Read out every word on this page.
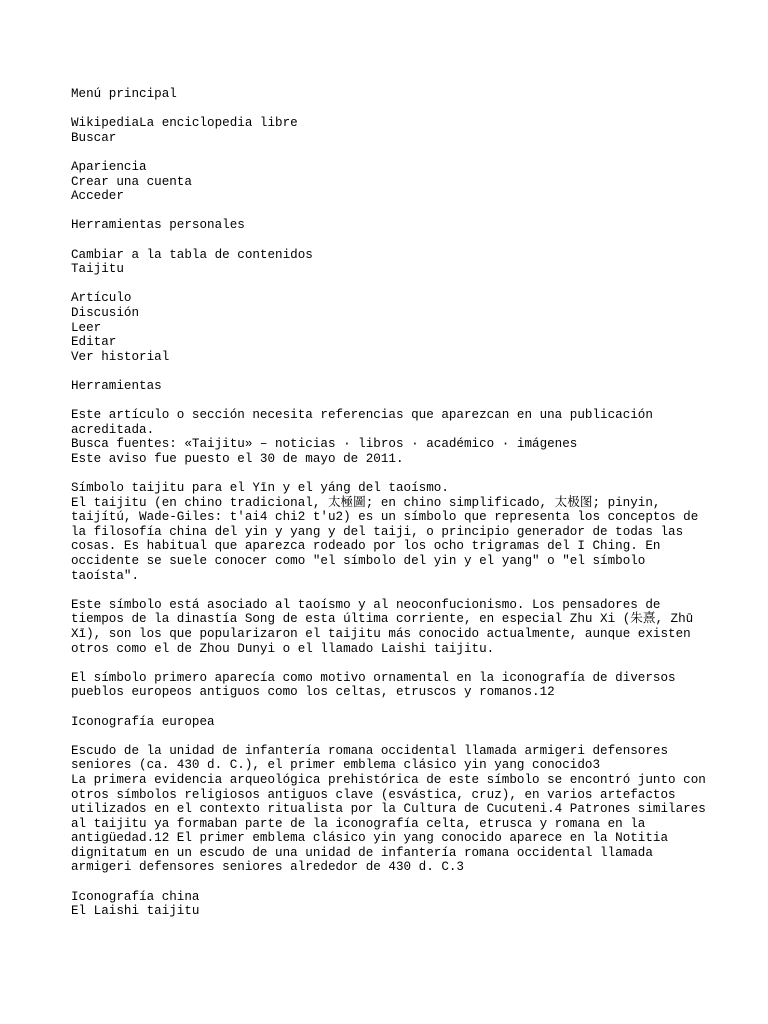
Menú principal
WikipediaLa enciclopedia libre
Buscar
Apariencia
Crear una cuenta
Acceder
Herramientas personales
Cambiar a la tabla de contenidos
Taijitu
Artículo
Discusión
Leer
Editar
Ver historial
Herramientas
Este artículo o sección necesita referencias que aparezcan en una publicación acreditada.
Busca fuentes: «Taijitu» – noticias · libros · académico · imágenes
Este aviso fue puesto el 30 de mayo de 2011.
Símbolo taijitu para el Yīn y el yáng del taoísmo.

El taijitu (en chino tradicional, 太極圖; en chino simplificado, 太极图; pinyin, taijítú, Wade-Giles: t'ai4 chi2 t'u2) es un símbolo que representa los conceptos de la filosofía china del yin y yang y del taiji, o principio generador de todas las cosas. Es habitual que aparezca rodeado por los ocho trigramas del I Ching. En occidente se suele conocer como "el símbolo del yin y el yang" o "el símbolo taoísta".

Este símbolo está asociado al taoísmo y al neoconfucionismo. Los pensadores de tiempos de la dinastía Song de esta última corriente, en especial Zhu Xi (朱熹, Zhū Xī), son los que popularizaron el taijitu más conocido actualmente, aunque existen otros como el de Zhou Dunyi o el llamado Laishi taijitu.

El símbolo primero aparecía como motivo ornamental en la iconografía de diversos pueblos europeos antiguos como los celtas, etruscos y romanos.12

Iconografía europea
Escudo de la unidad de infantería romana occidental llamada armigeri defensores seniores (ca. 430 d. C.), el primer emblema clásico yin yang conocido3
La primera evidencia arqueológica prehistórica de este símbolo se encontró junto con otros símbolos religiosos antiguos clave (esvástica, cruz), en varios artefactos utilizados en el contexto ritualista por la Cultura de Cucuteni.4 Patrones similares al taijitu ya formaban parte de la iconografía celta, etrusca y romana en la antigüedad.12 El primer emblema clásico yin yang conocido aparece en la Notitia dignitatum en un escudo de una unidad de infantería romana occidental llamada armigeri defensores seniores alrededor de 430 d. C.3
Iconografía china
El Laishi taijitu
